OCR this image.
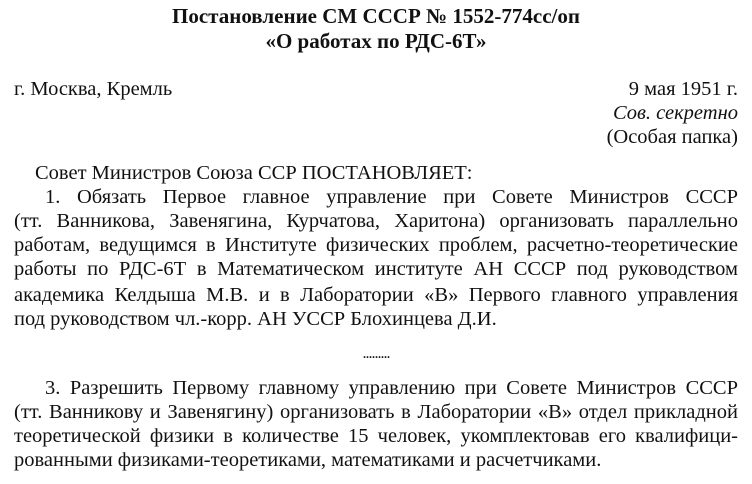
Постановление СМ СССР № 1552-774сс/оп
«О работах по РДС-6Т»

г. Москва, Кремль	9 мая 1951 г.

Сов. секретно

(Особая папка)

Совет Министров Союза ССР ПОСТАНОВЛЯЕТ:

1. Обязать Первое главное управление при Совете Министров СССР

(тт. Ванникова, Завенягина, Курчатова, Харитона) организовать параллельно

работам, ведущимся в Институте физических проблем, расчетно-теоретические

работы по РДС-6Т в Математическом институте АН СССР под руководством

академика Келдыша М.В. и в Лаборатории «В» Первого главного управления

под руководством чл.-корр. АН УССР Блохинцева Д.И.

.........

3. Разрешить Первому главному управлению при Совете Министров СССР

(тт. Ванникову и Завенягину) организовать в Лаборатории «В» отдел прикладной

теоретической физики в количестве 15 человек, укомплектовав его квалифици-

рованными физиками-теоретиками, математиками и расчетчиками.
